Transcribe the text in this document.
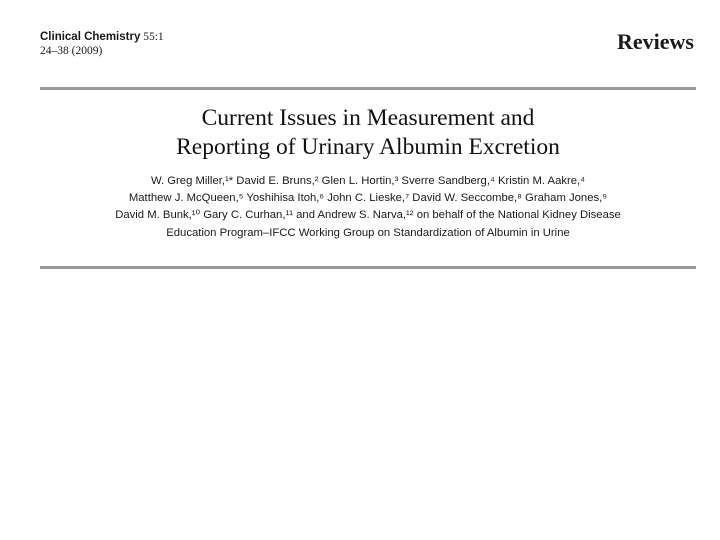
Clinical Chemistry 55:1
24–38 (2009)	Reviews
Current Issues in Measurement and
Reporting of Urinary Albumin Excretion
W. Greg Miller,¹* David E. Bruns,² Glen L. Hortin,³ Sverre Sandberg,⁴ Kristin M. Aakre,⁴
Matthew J. McQueen,⁵ Yoshihisa Itoh,⁶ John C. Lieske,⁷ David W. Seccombe,⁸ Graham Jones,⁹
David M. Bunk,¹⁰ Gary C. Curhan,¹¹ and Andrew S. Narva,¹² on behalf of the National Kidney Disease
Education Program–IFCC Working Group on Standardization of Albumin in Urine
